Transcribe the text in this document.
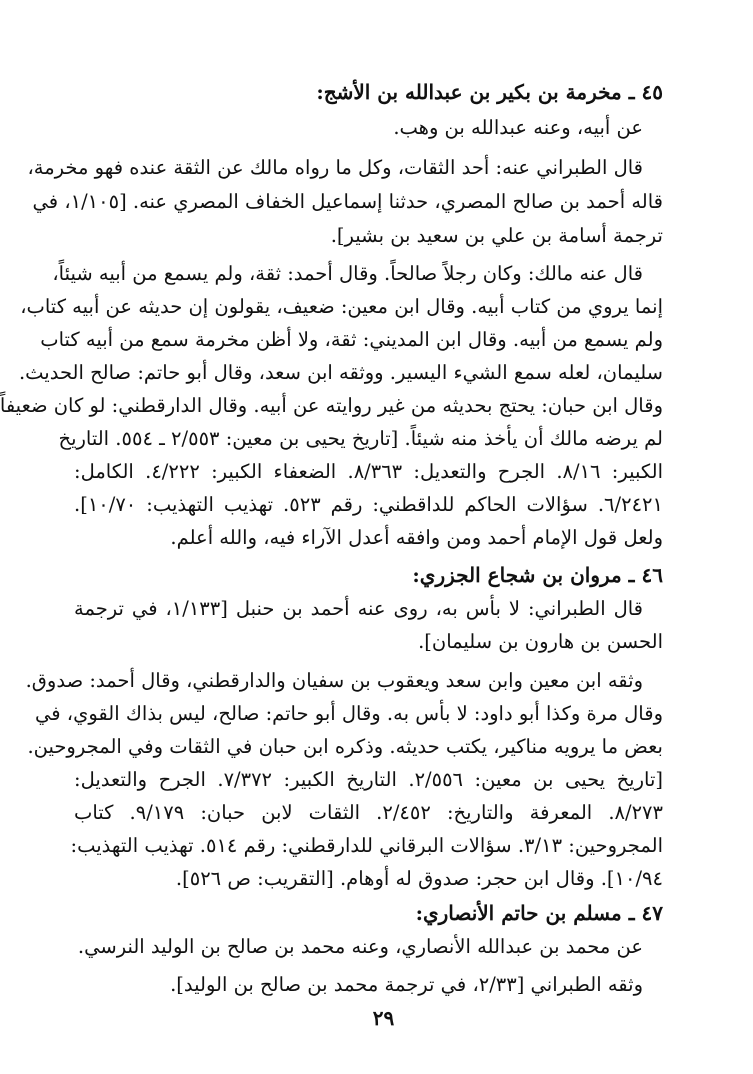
٤٥ ـ مخرمة بن بكير بن عبدالله بن الأشج:
عن أبيه، وعنه عبدالله بن وهب.
قال الطبراني عنه: أحد الثقات، وكل ما رواه مالك عن الثقة عنده فهو مخرمة،
قاله أحمد بن صالح المصري، حدثنا إسماعيل الخفاف المصري عنه. [١/١٠٥، في
ترجمة أسامة بن علي بن سعيد بن بشير].
قال عنه مالك: وكان رجلاً صالحاً. وقال أحمد: ثقة، ولم يسمع من أبيه شيئاً،
إنما يروي من كتاب أبيه. وقال ابن معين: ضعيف، يقولون إن حديثه عن أبيه كتاب،
ولم يسمع من أبيه. وقال ابن المديني: ثقة، ولا أظن مخرمة سمع من أبيه كتاب
سليمان، لعله سمع الشيء اليسير. ووثقه ابن سعد، وقال أبو حاتم: صالح الحديث.
وقال ابن حبان: يحتج بحديثه من غير روايته عن أبيه. وقال الدارقطني: لو كان ضعيفاً
لم يرضه مالك أن يأخذ منه شيئاً. [تاريخ يحيى بن معين: ٢/٥٥٣ ـ ٥٥٤. التاريخ
الكبير: ٨/١٦. الجرح والتعديل: ٨/٣٦٣. الضعفاء الكبير: ٤/٢٢٢. الكامل:
٦/٢٤٢١. سؤالات الحاكم للداقطني: رقم ٥٢٣. تهذيب التهذيب: ١٠/٧٠].
ولعل قول الإمام أحمد ومن وافقه أعدل الآراء فيه، والله أعلم.
٤٦ ـ مروان بن شجاع الجزري:
قال الطبراني: لا بأس به، روى عنه أحمد بن حنبل [١/١٣٣، في ترجمة
الحسن بن هارون بن سليمان].
وثقه ابن معين وابن سعد ويعقوب بن سفيان والدارقطني، وقال أحمد: صدوق.
وقال مرة وكذا أبو داود: لا بأس به. وقال أبو حاتم: صالح، ليس بذاك القوي، في
بعض ما يرويه مناكير، يكتب حديثه. وذكره ابن حبان في الثقات وفي المجروحين.
[تاريخ يحيى بن معين: ٢/٥٥٦. التاريخ الكبير: ٧/٣٧٢. الجرح والتعديل:
٨/٢٧٣. المعرفة والتاريخ: ٢/٤٥٢. الثقات لابن حبان: ٩/١٧٩. كتاب
المجروحين: ٣/١٣. سؤالات البرقاني للدارقطني: رقم ٥١٤. تهذيب التهذيب:
١٠/٩٤]. وقال ابن حجر: صدوق له أوهام. [التقريب: ص ٥٢٦].
٤٧ ـ مسلم بن حاتم الأنصاري:
عن محمد بن عبدالله الأنصاري، وعنه محمد بن صالح بن الوليد النرسي.
وثقه الطبراني [٢/٣٣، في ترجمة محمد بن صالح بن الوليد].
٢٩
